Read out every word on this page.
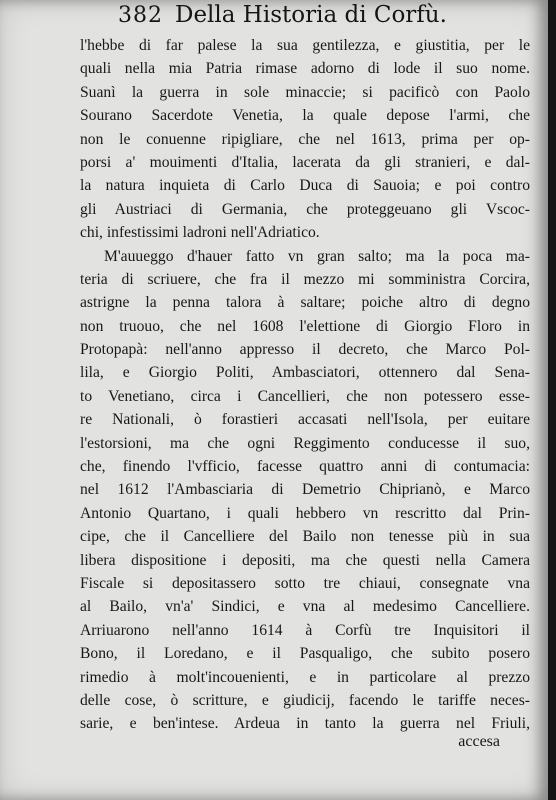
382 Della Historia di Corfù.
l'hebbe di far palese la sua gentilezza, e giustitia, per le
quali nella mia Patria rimase adorno di lode il suo nome.
Suanì la guerra in sole minaccie; si pacificò con Paolo
Sourano Sacerdote Venetia, la quale depose l'armi, che
non le conuenne ripigliare, che nel 1613, prima per op-
porsi a' mouimenti d'Italia, lacerata da gli stranieri, e dal-
la natura inquieta di Carlo Duca di Sauoia; e poi contro
gli Austriaci di Germania, che proteggeuano gli Vscoc-
chi, infestissimi ladroni nell'Adriatico.
M'auueggo d'hauer fatto vn gran salto; ma la poca ma-
teria di scriuere, che fra il mezzo mi somministra Corcira,
astrigne la penna talora à saltare; poiche altro di degno
non truouo, che nel 1608 l'elettione di Giorgio Floro in
Protopapà: nell'anno appresso il decreto, che Marco Pol-
lila, e Giorgio Politi, Ambasciatori, ottennero dal Sena-
to Venetiano, circa i Cancellieri, che non potessero esse-
re Nationali, ò forastieri accasati nell'Isola, per euitare
l'estorsioni, ma che ogni Reggimento conducesse il suo,
che, finendo l'vfficio, facesse quattro anni di contumacia:
nel 1612 l'Ambasciaria di Demetrio Chiprianò, e Marco
Antonio Quartano, i quali hebbero vn rescritto dal Prin-
cipe, che il Cancelliere del Bailo non tenesse più in sua
libera dispositione i depositi, ma che questi nella Camera
Fiscale si depositassero sotto tre chiaui, consegnate vna
al Bailo, vn'a' Sindici, e vna al medesimo Cancelliere.
Arriuarono nell'anno 1614 à Corfù tre Inquisitori il
Bono, il Loredano, e il Pasqualigo, che subito posero
rimedio à molt'incouenienti, e in particolare al prezzo
delle cose, ò scritture, e giudicij, facendo le tariffe neces-
sarie, e ben'intese. Ardeua in tanto la guerra nel Friuli,
accesa
